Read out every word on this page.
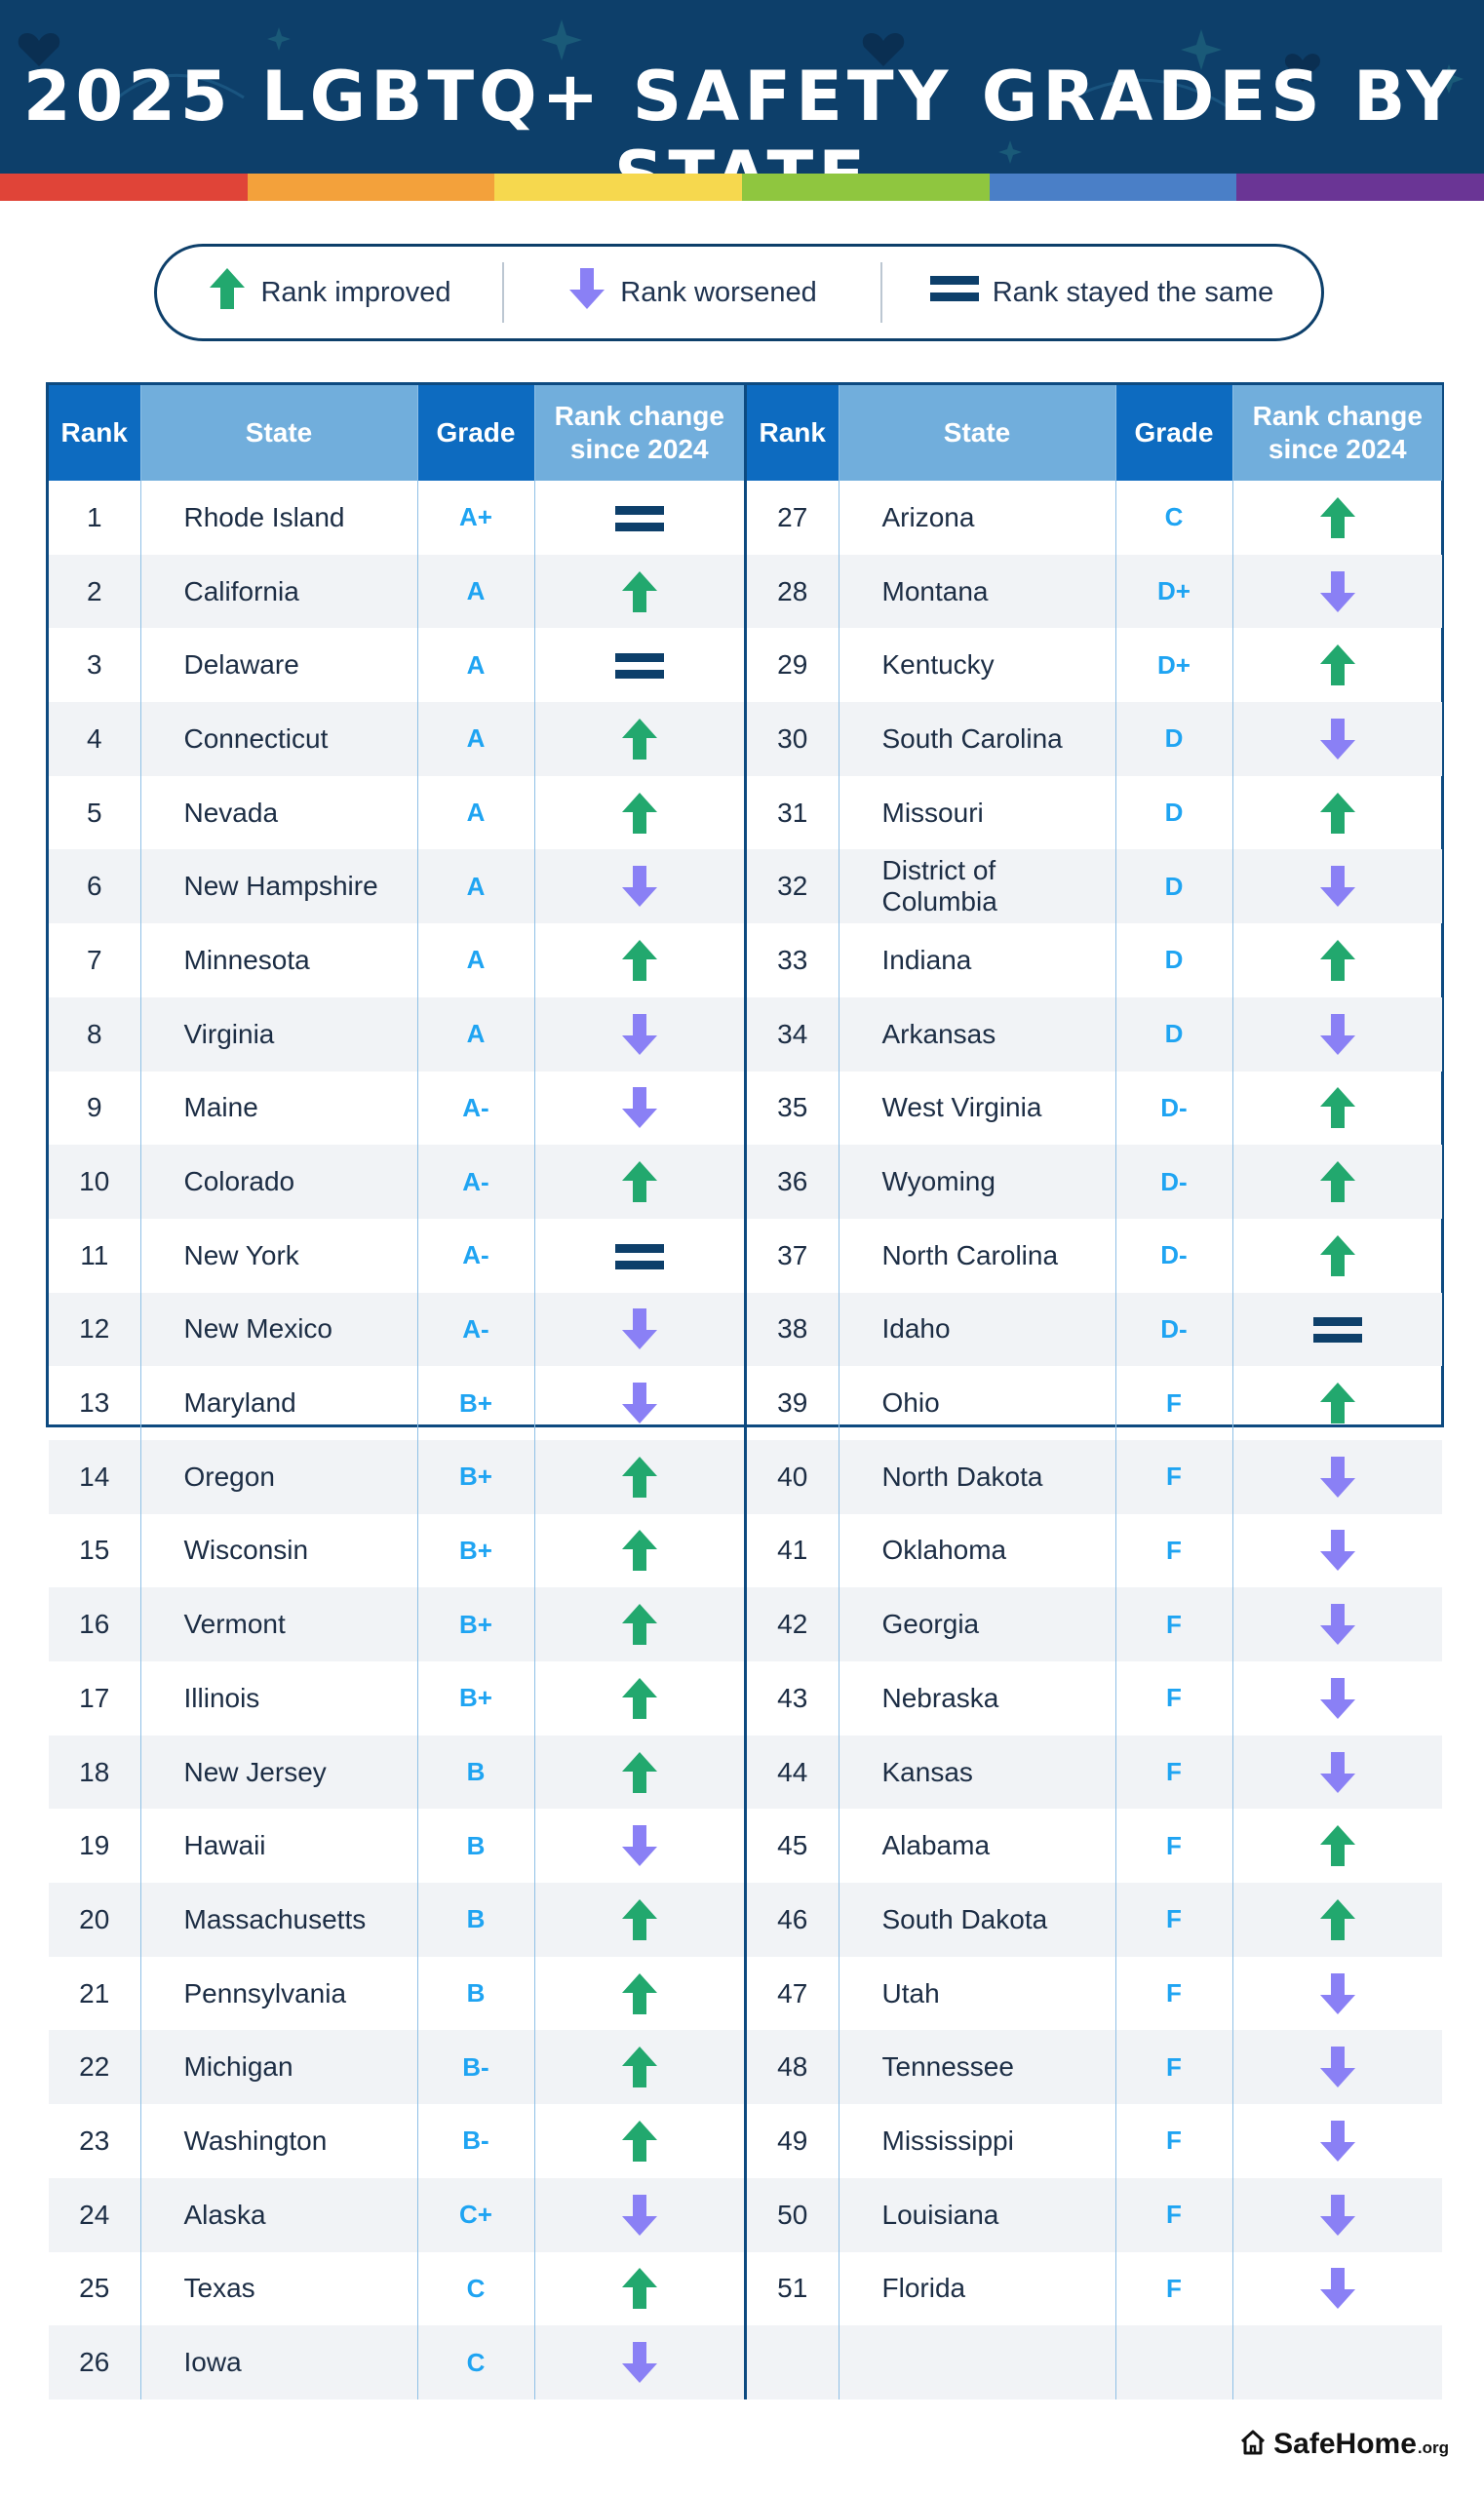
2025 LGBTQ+ SAFETY GRADES BY
Rank improved	Rank worsened	Rank stayed the same
Rank	State	Grade	Rank change
since 2024
1	Rhode Island	A+	
2	California	A	
3	Delaware	A	
4	Connecticut	A	
5	Nevada	A	
6	New Hampshire	A	
7	Minnesota	A	
8	Virginia	A	
9	Maine	A-	
10	Colorado	A-	
11	New York	A-	
12	New Mexico	A-	
13	Maryland	B+	
14	Oregon	B+	
15	Wisconsin	B+	
16	Vermont	B+	
17	Illinois	B+	
18	New Jersey	B	
19	Hawaii	B	
20	Massachusetts	B	
21	Pennsylvania	B	
22	Michigan	B-	
23	Washington	B-	
24	Alaska	C+	
25	Texas	C	
26	Iowa	C	
Rank	State	Grade	Rank change
since 2024
27	Arizona	C	
28	Montana	D+	
29	Kentucky	D+	
30	South Carolina	D	
31	Missouri	D	
32	District of Columbia	D	
33	Indiana	D	
34	Arkansas	D	
35	West Virginia	D-	
36	Wyoming	D-	
37	North Carolina	D-	
38	Idaho	D-	
39	Ohio	F	
40	North Dakota	F	
41	Oklahoma	F	
42	Georgia	F	
43	Nebraska	F	
44	Kansas	F	
45	Alabama	F	
46	South Dakota	F	
47	Utah	F	
48	Tennessee	F	
49	Mississippi	F	
50	Louisiana	F	
51	Florida	F	

SafeHome .org
